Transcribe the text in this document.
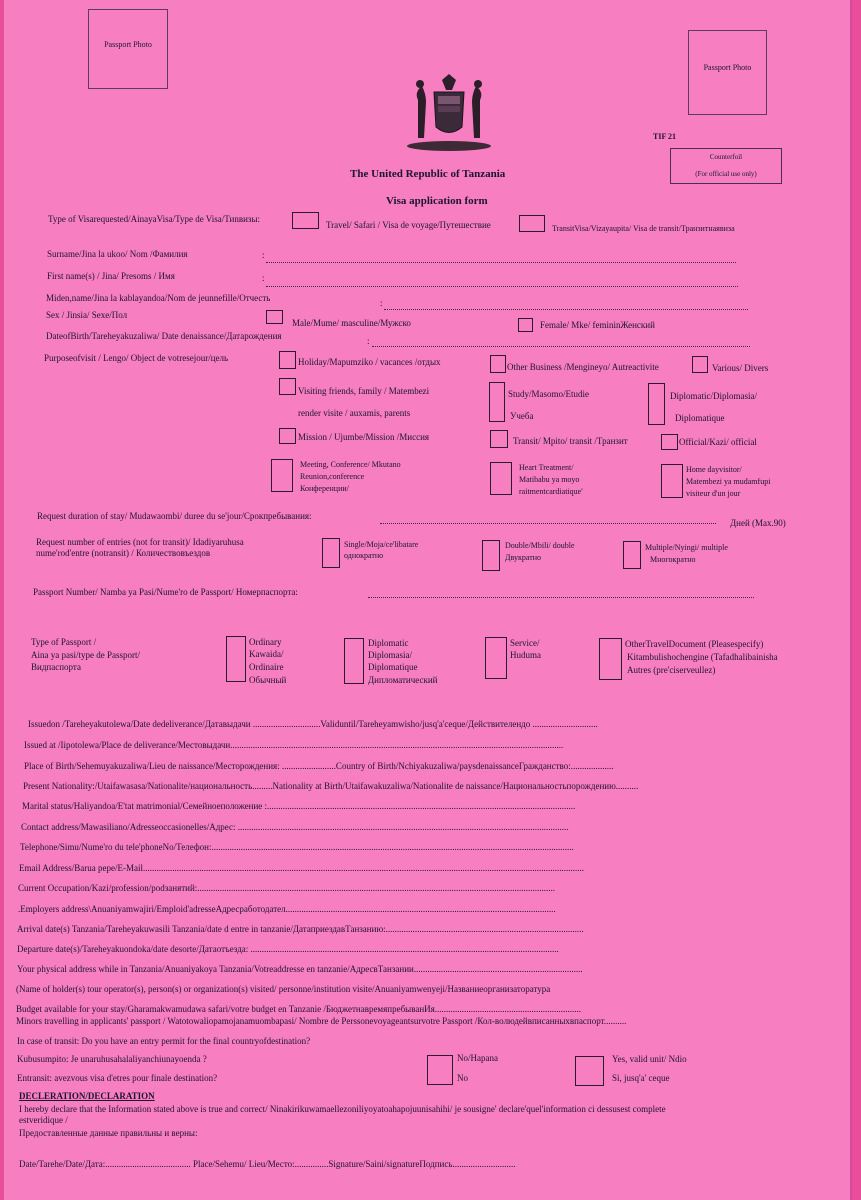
Passport Photo
Passport Photo
TIF 21
Counterfoil
(For official use only)
The United Republic of Tanzania
Visa application form
Type of Visarequested/AinayaVisa/Type de Visa/Тиnвизы:
Travel/ Safari / Visa de voyage/Путешествие	TransitVisa/Vizayaupita/ Visa de transit/Транзитнаявиза
Surname/Jina la ukoo/ Nom /Фамилия	:
First name(s) / Jina/ Presoms / Имя	:
Miden,name/Jina la kablayandoa/Nom de jeunnefille/Отчесть	:
Sex / Jinsia/ Sexe/Пол
Male/Mume/ masculine/Мужско	Female/ Mke/ femininЖенский
DateofBirth/Tareheyakuzaliwa/ Date denaissance/Датарождения	:
Purposeofvisit / Lengo/ Object de votresejour/цель	Holiday/Mapumziko / vacances /отдых	Other Business /Mengineyo/ Autreactivite	Various/ Divers
Visiting friends, family / Matembezi
render visite / auxamis, parents
Study/Masomo/Etudie
Учеба
Diplomatic/Diplomasia/
Diplomatique
Mission / Ujumbe/Mission /Миссия	Transit/ Mpito/ transit /Транзит	Official/Kazi/ official
Meeting, Conference/ Mkutano
Reunion,conference
Конференции/
Heart Treatment/
Matibabu ya moyo
raitmentcardiatique'
Home dayvisitor/
Matembezi ya mudamfupi
visiteur d'un jour
Request duration of stay/ Mudawaombi/ duree du se'jour/Срокпребывания:
Дней (Max.90)
Request number of entries (not for transit)/ Idadiyaruhusa
nume'rod'entre (notransit) / Количествовъездов
Single/Moja/ce'libatare
однократно
Double/Mbili/ double
Двукратно
Multiple/Nyingi/ multiple
Многократно
Passport Number/ Namba ya Pasi/Nume'ro de Passport/ Номерпаспорта:
Type of Passport /
Aina ya pasi/type de Passport/
Видпаспорта
Ordinary
Kawaida/
Ordinaire
Обычный
Diplomatic
Diplomasia/
Diplomatique
Дипломатический
Service/
Huduma
OtherTravelDocument (Pleasespecify)
Kitambulishochengine (Tafadhalibainisha
Autres (pre'ciserveullez)
Issuedon /Tareheyakutolewa/Date dedeliverance/Датавыдачи ..............................Validuntil/Tareheyamwisho/jusq'a'ceque/Действителендо .............................
Issued at /Iipotolewa/Place de deliverance/Местовыдачи....................................................................................................................................................
Place of Birth/Sehemuyakuzaliwa/Lieu de naissance/Месторождения: ........................Country of Birth/Nchiyakuzaliwa/paysdenaissanceГражданство:...................
Present Nationality:/Utaifawasasa/Nationalite/национальность.........Nationality at Birth/Utaifawakuzaliwa/Nationalite de naissance/Национальностьпорождению..........
Marital status/Haliyandoa/E'tat matrimonial/Семейноеположение :.........................................................................................................................................
Contact address/Mawasiliano/Adresseoccasionelles/Адрес: ...................................................................................................................................................
Telephone/Simu/Nume'ro du tele'phoneNo/Телефон:.................................................................................................................................................................
Email Address/Barua pepe/E-Mail....................................................................................................................................................................................................
Current Occupation/Kazi/profession/роdзанятий:...............................................................................................................................................................
.Employers address\Anuaniyamwajiri/Emploid'adresseАдресработодател........................................................................................................................
Arrival date(s) Tanzania/Tareheyakuwasili Tanzania/date d entre in tanzanie/ДатаприездавТанзанию:........................................................................................
Departure date(s)/Tareheyakuondoka/date desorte/Датаотъезда: .........................................................................................................................................
Your physical address while in Tanzania/Anuaniyakoya Tanzania/Votreaddresse en tanzanie/АдресвТанзании...........................................................................
(Name of holder(s) tour operator(s), person(s) or organization(s) visited/ personne/institution visite/Anuaniyamwenyeji/Названиеорганизаторатура
Budget available for your stay/Gharamakwamudawa safari/votre budget en Tanzanie /БюджетнавремяпребыванИя.................................................................
Minors travelling in applicants' passport / Watotowaliopamojanamuombapasi/ Nombre de Perssonevoyageantsurvotre Passport /Кол-вoлюдейвписанныхвпаспорт..........
In case of transit: Do you have an entry permit for the final countryofdestination?
Kubusumpito: Je unaruhusahalaliyanchiunayoenda ?
Entransit: avezvous visa d'etres pour finale destination?
No/Hapana
No
Yes, valid unit/ Ndio
Si, jusq'a' ceque
DECLERATION/DECLARATION
I hereby declare that the Information stated above is true and correct/ Ninakirikuwamaellezoniliyoyatoahapojuunisahihi/ je sousigne' declare'quel'information ci dessusest complete
estveridique /
Предоставленные данные правильны и верны:
Date/Tarehe/Date/Дата:...................................... Place/Sehemu/ Lieu/Место:...............Signature/Saini/signatureПодпись............................
